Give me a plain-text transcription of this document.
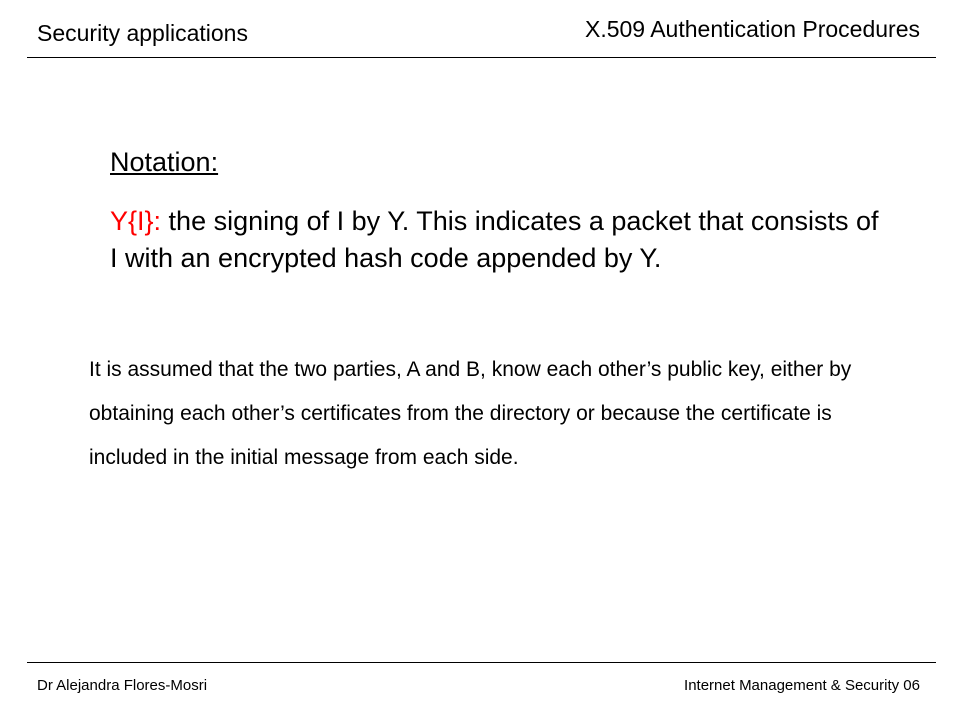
Security applications	X.509 Authentication Procedures
Notation:
Y{I}: the signing of I by Y. This indicates a packet that consists of I with an encrypted hash code appended by Y.
It is assumed that the two parties, A and B, know each other’s public key, either by obtaining each other’s certificates from the directory or because the certificate is included in the initial message from each side.
Dr Alejandra Flores-Mosri	Internet Management & Security 06
